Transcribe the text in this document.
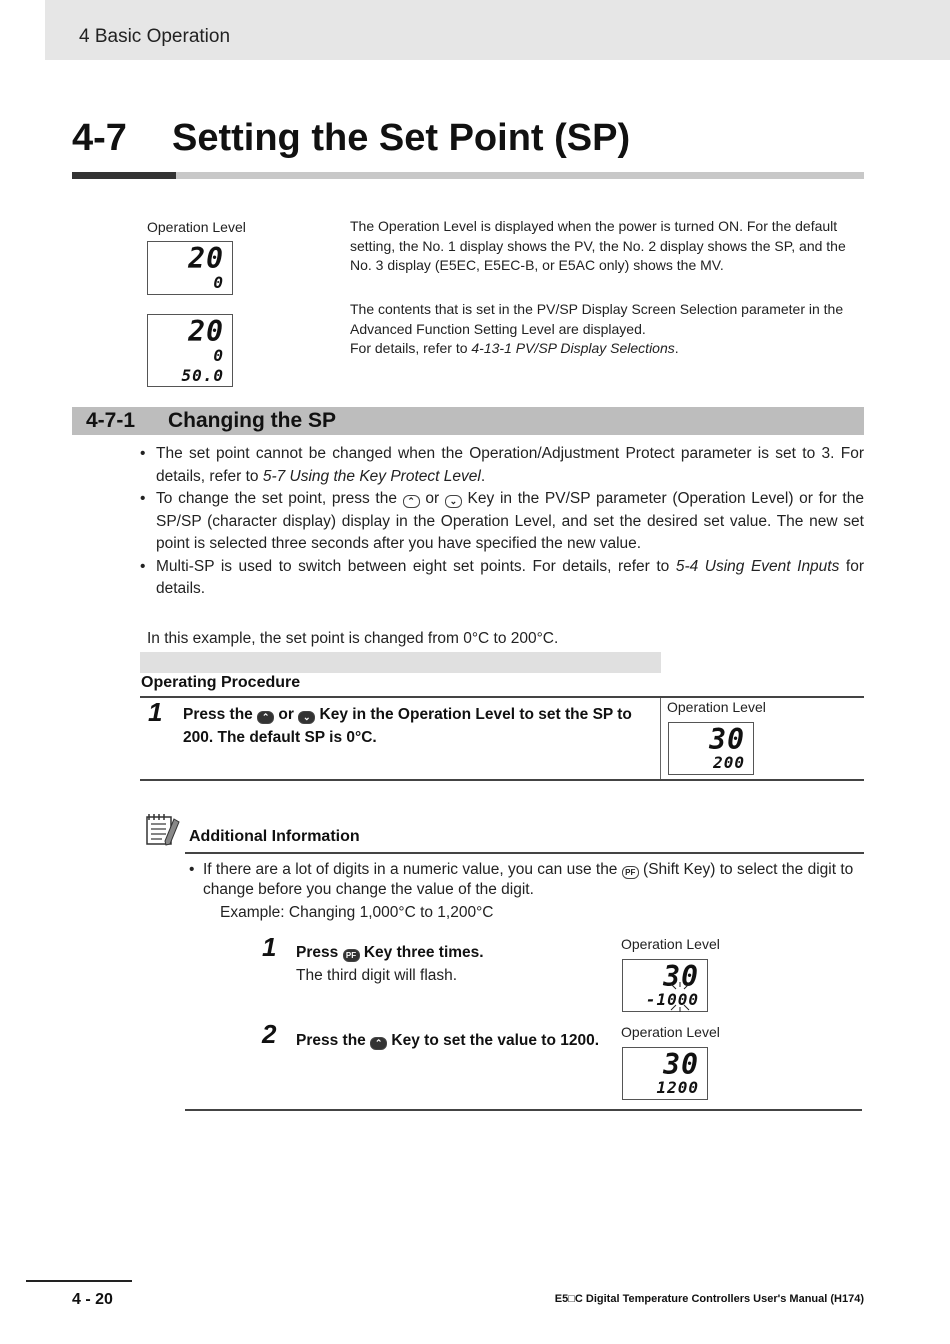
4 Basic Operation
4-7 Setting the Set Point (SP)
Operation Level
20
0
20
0
50.0
The Operation Level is displayed when the power is turned ON. For the default setting, the No. 1 display shows the PV, the No. 2 display shows the SP, and the No. 3 display (E5EC, E5EC-B, or E5AC only) shows the MV.
The contents that is set in the PV/SP Display Screen Selection parameter in the Advanced Function Setting Level are displayed.
For details, refer to 4-13-1 PV/SP Display Selections.
4-7-1 Changing the SP
• The set point cannot be changed when the Operation/Adjustment Protect parameter is set to 3. For details, refer to 5-7 Using the Key Protect Level.
• To change the set point, press the ⌃ or ⌄ Key in the PV/SP parameter (Operation Level) or for the SP/SP (character display) display in the Operation Level, and set the desired set value. The new set point is selected three seconds after you have specified the new value.
• Multi-SP is used to switch between eight set points. For details, refer to 5-4 Using Event Inputs for details.
In this example, the set point is changed from 0°C to 200°C.
Operating Procedure
1 Press the ⌃ or ⌄ Key in the Operation Level to set the SP to 200. The default SP is 0°C.
Operation Level
30
200
Additional Information
• If there are a lot of digits in a numeric value, you can use the PF (Shift Key) to select the digit to change before you change the value of the digit.
Example: Changing 1,000°C to 1,200°C
1 Press PF Key three times.
The third digit will flash.
Operation Level
30
-1000
2 Press the ⌃ Key to set the value to 1200.	Operation Level
30
1200
4 - 20	E5□C Digital Temperature Controllers User's Manual (H174)
